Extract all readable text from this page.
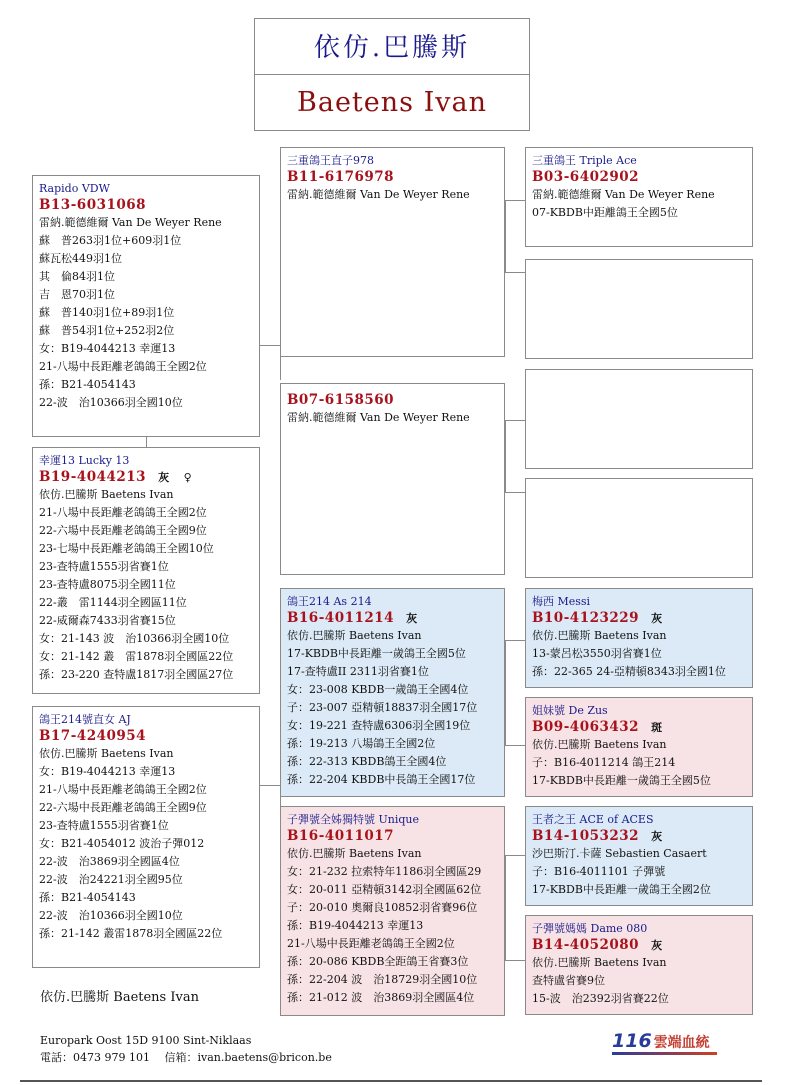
依仿.巴騰斯
Baetens Ivan
Rapido VDW
B13-6031068
雷納.範德維爾 Van De Weyer Rene
蘇　普263羽1位+609羽1位
蘇瓦松449羽1位
其　倫84羽1位
吉　恩70羽1位
蘇　普140羽1位+89羽1位
蘇　普54羽1位+252羽2位
女：B19-4044213 幸運13
21-八場中長距離老鴿鴿王全國2位
孫：B21-4054143
22-波　治10366羽全國10位
三重鴿王直子978
B11-6176978
雷納.範德維爾 Van De Weyer Rene
三重鴿王 Triple Ace
B03-6402902
雷納.範德維爾 Van De Weyer Rene
07-KBDB中距離鴿王全國5位
B07-6158560
雷納.範德維爾 Van De Weyer Rene
幸運13 Lucky 13
B19-4044213 灰 ♀
依仿.巴騰斯 Baetens Ivan
21-八場中長距離老鴿鴿王全國2位
22-六場中長距離老鴿鴿王全國9位
23-七場中長距離老鴿鴿王全國10位
23-查特盧1555羽省賽1位
23-查特盧8075羽全國11位
22-叢　雷1144羽全國區11位
22-威爾森7433羽省賽15位
女：21-143 波　治10366羽全國10位
女：21-142 叢　雷1878羽全國區22位
孫：23-220 查特盧1817羽全國區27位
鴿王214號直女 AJ
B17-4240954
依仿.巴騰斯 Baetens Ivan
女：B19-4044213 幸運13
21-八場中長距離老鴿鴿王全國2位
22-六場中長距離老鴿鴿王全國9位
23-查特盧1555羽省賽1位
女：B21-4054012 波治子彈012
22-波　治3869羽全國區4位
22-波　治24221羽全國95位
孫：B21-4054143
22-波　治10366羽全國10位
孫：21-142 叢雷1878羽全國區22位
鴿王214 As 214
B16-4011214 灰
依仿.巴騰斯 Baetens Ivan
17-KBDB中長距離一歲鴿王全國5位
17-查特盧II 2311羽省賽1位
女：23-008 KBDB一歲鴿王全國4位
子：23-007 亞精頓18837羽全國17位
女：19-221 查特盧6306羽全國19位
孫：19-213 八場鴿王全國2位
孫：22-313 KBDB鴿王全國4位
孫：22-204 KBDB中長鴿王全國17位
梅西 Messi
B10-4123229 灰
依仿.巴騰斯 Baetens Ivan
13-蒙呂松3550羽省賽1位
孫：22-365 24-亞精頓8343羽全國1位
姐妹號 De Zus
B09-4063432 斑
依仿.巴騰斯 Baetens Ivan
子：B16-4011214 鴿王214
17-KBDB中長距離一歲鴿王全國5位
子彈號全姊獨特號 Unique
B16-4011017
依仿.巴騰斯 Baetens Ivan
女：21-232 拉索特年1186羽全國區29
女：20-011 亞精頓3142羽全國區62位
子：20-010 奧爾良10852羽省賽96位
孫：B19-4044213 幸運13
21-八場中長距離老鴿鴿王全國2位
孫：20-086 KBDB全距鴿王省賽3位
孫：22-204 波　治18729羽全國10位
孫：21-012 波　治3869羽全國區4位
王者之王 ACE of ACES
B14-1053232 灰
沙巴斯汀.卡薩 Sebastien Casaert
子：B16-4011101 子彈號
17-KBDB中長距離一歲鴿王全國2位
子彈號媽媽 Dame 080
B14-4052080 灰
依仿.巴騰斯 Baetens Ivan
查特盧省賽9位
15-波　治2392羽省賽22位
依仿.巴騰斯 Baetens Ivan
Europark Oost 15D 9100 Sint-Niklaas
電話：0473 979 101　 信箱：ivan.baetens@bricon.be
116 雲端血統
